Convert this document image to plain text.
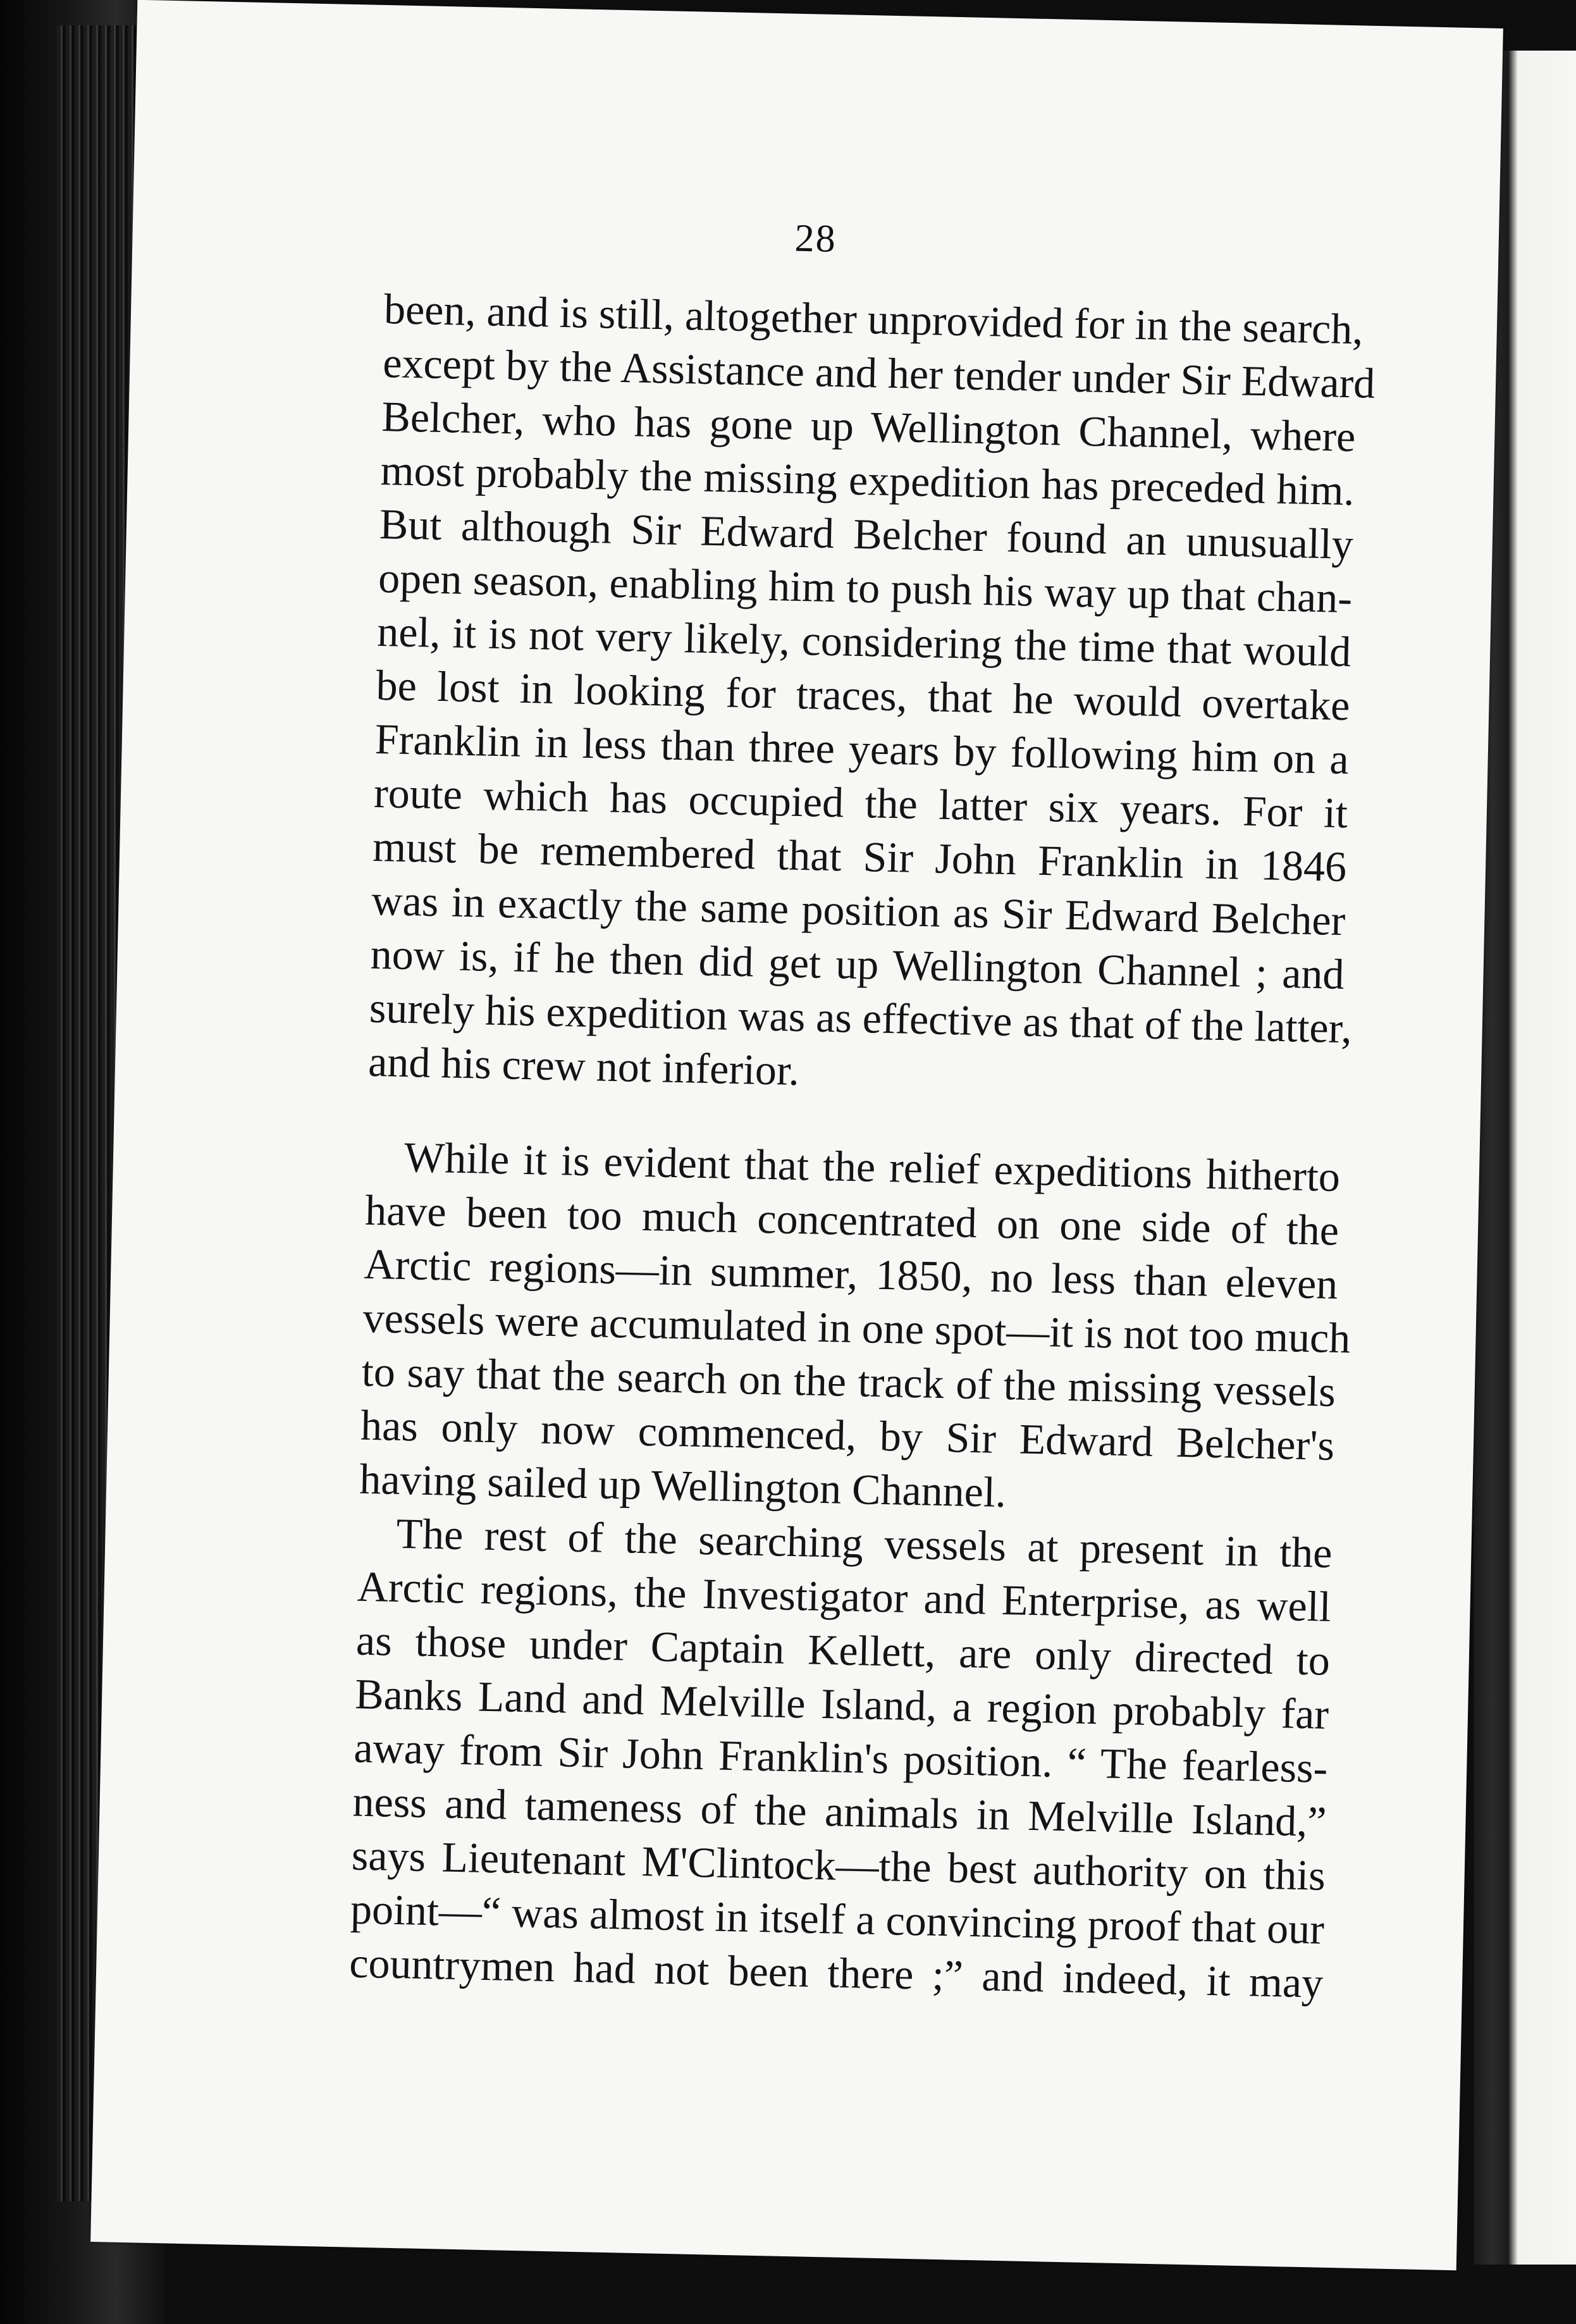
28
been, and is still, altogether unprovided for in the search,
except by the Assistance and her tender under Sir Edward
Belcher, who has gone up Wellington Channel, where
most probably the missing expedition has preceded him.
But although Sir Edward Belcher found an unusually
open season, enabling him to push his way up that chan-
nel, it is not very likely, considering the time that would
be lost in looking for traces, that he would overtake
Franklin in less than three years by following him on a
route which has occupied the latter six years. For it
must be remembered that Sir John Franklin in 1846
was in exactly the same position as Sir Edward Belcher
now is, if he then did get up Wellington Channel ; and
surely his expedition was as effective as that of the latter,
and his crew not inferior.
While it is evident that the relief expeditions hitherto
have been too much concentrated on one side of the
Arctic regions—in summer, 1850, no less than eleven
vessels were accumulated in one spot—it is not too much
to say that the search on the track of the missing vessels
has only now commenced, by Sir Edward Belcher's
having sailed up Wellington Channel.
The rest of the searching vessels at present in the
Arctic regions, the Investigator and Enterprise, as well
as those under Captain Kellett, are only directed to
Banks Land and Melville Island, a region probably far
away from Sir John Franklin's position. “ The fearless-
ness and tameness of the animals in Melville Island,”
says Lieutenant M'Clintock—the best authority on this
point—“ was almost in itself a convincing proof that our
countrymen had not been there ;” and indeed, it may
